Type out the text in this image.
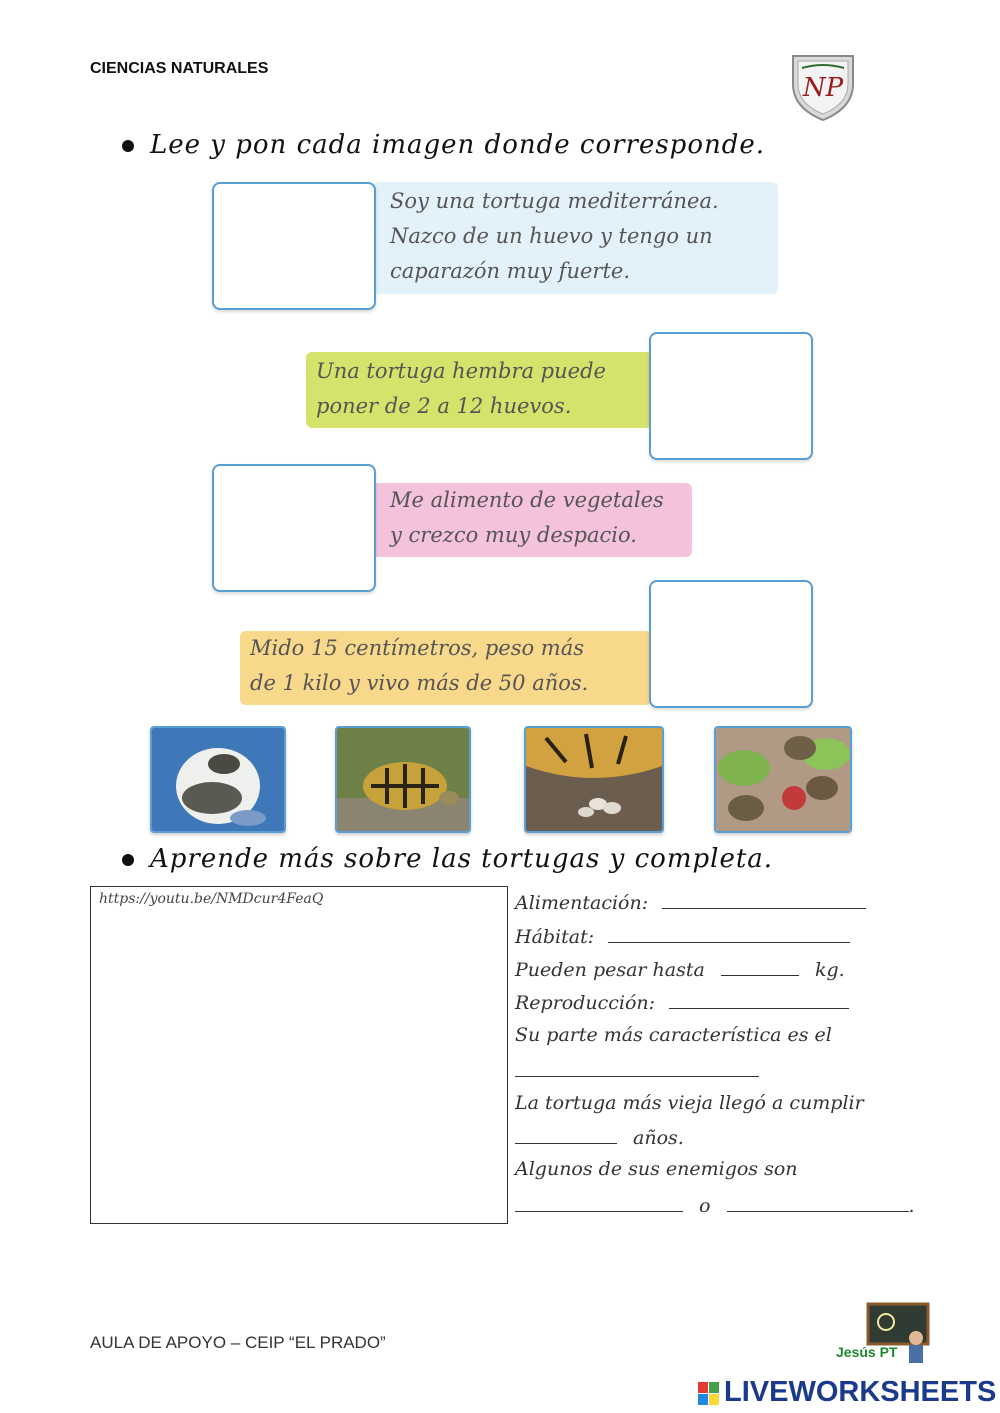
CIENCIAS NATURALES
NP
Lee y pon cada imagen donde corresponde.
Soy una tortuga mediterránea.
Nazco de un huevo y tengo un
caparazón muy fuerte.
Una tortuga hembra puede
poner de 2 a 12 huevos.
Me alimento de vegetales
y crezco muy despacio.
Mido 15 centímetros, peso más
de 1 kilo y vivo más de 50 años.
Aprende más sobre las tortugas y completa.
https://youtu.be/NMDcur4FeaQ	Alimentación:
Hábitat:
Pueden pesar hasta	kg.
Reproducción:
Su parte más característica es el
La tortuga más vieja llegó a cumplir
años.
Algunos de sus enemigos son
o	.
AULA DE APOYO – CEIP “EL PRADO”	Jesús PT
LIVEWORKSHEETS
